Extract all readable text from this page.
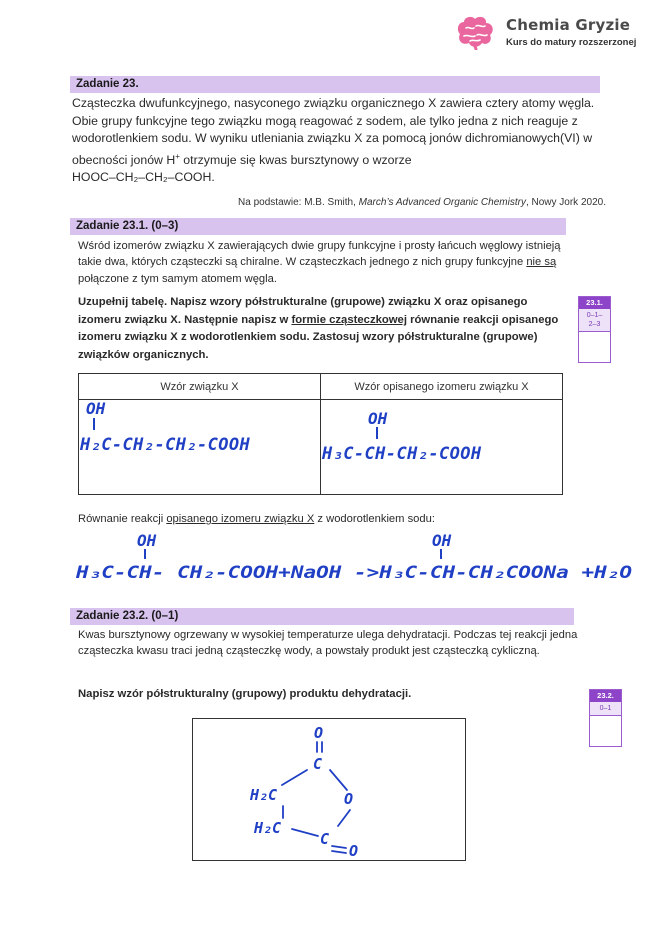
Chemia Gryzie
Kurs do matury rozszerzonej
Zadanie 23.
Cząsteczka dwufunkcyjnego, nasyconego związku organicznego X zawiera cztery atomy węgla. Obie grupy funkcyjne tego związku mogą reagować z sodem, ale tylko jedna z nich reaguje z wodorotlenkiem sodu. W wyniku utleniania związku X za pomocą jonów dichromianowych(VI) w obecności jonów H+ otrzymuje się kwas bursztynowy o wzorze
HOOC–CH₂–CH₂–COOH.
Na podstawie: M.B. Smith, March’s Advanced Organic Chemistry, Nowy Jork 2020.
Zadanie 23.1. (0–3)
Wśród izomerów związku X zawierających dwie grupy funkcyjne i prosty łańcuch węglowy istnieją takie dwa, których cząsteczki są chiralne. W cząsteczkach jednego z nich grupy funkcyjne nie są połączone z tym samym atomem węgla.
Uzupełnij tabelę. Napisz wzory półstrukturalne (grupowe) związku X oraz opisanego izomeru związku X. Następnie napisz w formie cząsteczkowej równanie reakcji opisanego izomeru związku X z wodorotlenkiem sodu. Zastosuj wzory półstrukturalne (grupowe) związków organicznych.
23.1.
0–1–
2–3
Wzór związku X	Wzór opisanego izomeru związku X
OH
H₂C-CH₂-CH₂-COOH
OH
H₃C-CH-CH₂-COOH
Równanie reakcji opisanego izomeru związku X z wodorotlenkiem sodu:
OH	OH
H₃C-CH- CH₂-COOH+NaOH ->H₃C-CH-CH₂COONa +H₂O
Zadanie 23.2. (0–1)
Kwas bursztynowy ogrzewany w wysokiej temperaturze ulega dehydratacji. Podczas tej reakcji jedna cząsteczka kwasu traci jedną cząsteczkę wody, a powstały produkt jest cząsteczką cykliczną.
Napisz wzór półstrukturalny (grupowy) produktu dehydratacji.	23.2.
0–1
O
C
H₂C	O
H₂C
C
O
